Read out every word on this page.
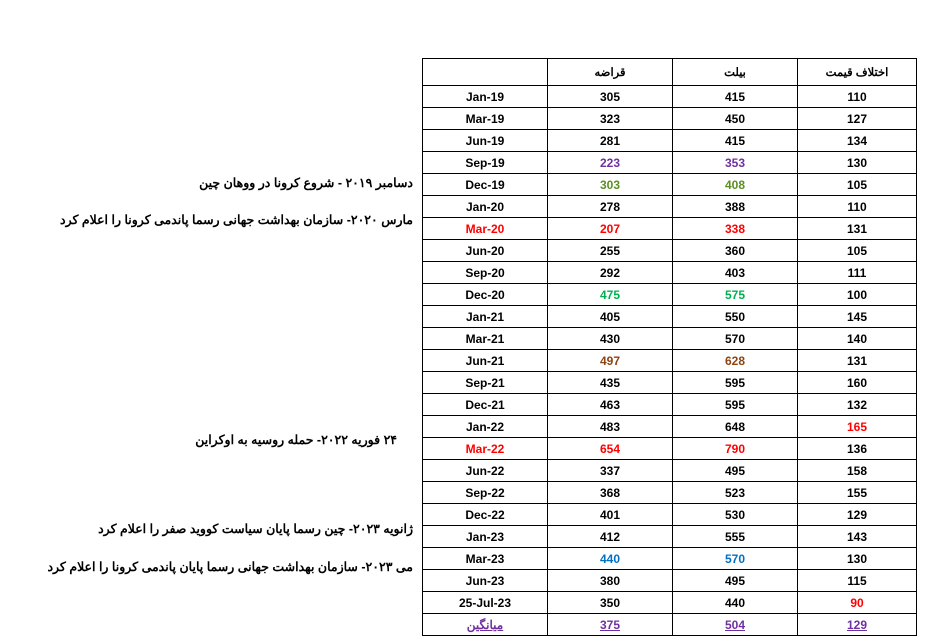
دسامبر ۲۰۱۹ - شروع کرونا در ووهان چین
مارس ۲۰۲۰- سازمان بهداشت جهانی رسما پاندمی کرونا را اعلام کرد
۲۴ فوریه ۲۰۲۲- حمله روسیه به اوکراین
ژانویه ۲۰۲۳- چین رسما پایان سیاست کووید صفر را اعلام کرد
می ۲۰۲۳- سازمان بهداشت جهانی رسما پایان پاندمی کرونا را اعلام کرد
	قراضه	بیلت	اختلاف قیمت
Jan-19	305	415	110
Mar-19	323	450	127
Jun-19	281	415	134
Sep-19	223	353	130
Dec-19	303	408	105
Jan-20	278	388	110
Mar-20	207	338	131
Jun-20	255	360	105
Sep-20	292	403	111
Dec-20	475	575	100
Jan-21	405	550	145
Mar-21	430	570	140
Jun-21	497	628	131
Sep-21	435	595	160
Dec-21	463	595	132
Jan-22	483	648	165
Mar-22	654	790	136
Jun-22	337	495	158
Sep-22	368	523	155
Dec-22	401	530	129
Jan-23	412	555	143
Mar-23	440	570	130
Jun-23	380	495	115
25-Jul-23	350	440	90
میانگین	375	504	129
